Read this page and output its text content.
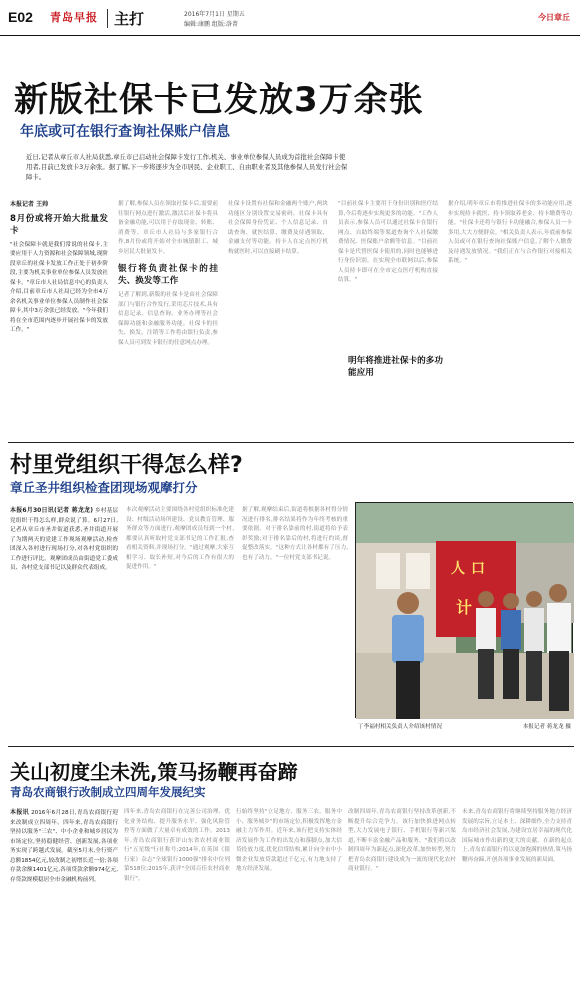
E02 青岛早报 主打	2016年7月1日 星期五
编辑:康鹏 组版:洛菁
今日章丘
新版社保卡已发放3万余张
年底或可在银行查询社保账户信息
近日,记者从章丘市人社局获悉,章丘市已启动社会保障卡发行工作,机关、事业单位参保人员成为首批社会保障卡使用者,目前已发放卡3万余张。据了解,下一步将逐步为全市居民、企业职工、自由职业者及其他参保人员发行社会保障卡。
本报记者 王帅
8月份或将开始大批量发卡
"社会保障卡就是我们常说的社保卡,主要应用于人力资源和社会保障领域,现阶段章丘的社保卡发放工作正处于初步阶段,主要为机关事业单位参保人员发放社保卡。"章丘市人社局信息中心的负责人介绍,目前章丘市人社局已经为全市4万余名机关事业单位参保人员制作社会保障卡,其中3万余张已经发放。"今年我们将在全市范围内逐步开展社保卡的发放工作。"
据了解,参保人员在领取社保卡后,需要前往银行网点进行激活,激活后社保卡将具备金融功能,可以用于存取现金、转账、消费等。章丘市人社局与多家银行合作,8月份或将开始对全市城镇职工、城乡居民大批量发卡。
银行将负责社保卡的挂失、换发等工作
记者了解到,新版的社保卡是由社会保障部门与银行合作发行,采用芯片技术,具有信息记录、信息查询、业务办理等社会保障功能和金融服务功能。社保卡的挂失、换发、注销等工作将由银行负责,参保人员可到发卡银行的任意网点办理。
社保卡设置有社保和金融两个账户,两块功能区分别设置交易密码。社保卡具有社会保障身份凭证、个人信息记录、自助查询、就医结算、缴费及待遇领取、金融支付等功能。持卡人在定点医疗机构就医时,可以直接刷卡结算。
"目前社保卡主要用于身份识别和医疗结算,今后将逐步实现更多的功能。"工作人员表示,参保人员可以通过社保卡在银行网点、自助终端等渠道查询个人社保缴费情况、医保账户余额等信息。"目前社保卡是代替医保卡使用的,同时也能够进行身份识别。在实现全市联网以后,参保人员持卡即可在全市定点医疗机构直接结算。"
明年将推进社保卡的多功能应用
据介绍,明年章丘市将推进社保卡的多功能应用,逐步实现持卡就医、持卡领取养老金、持卡缴费等功能。"社保卡还将与银行卡功能融合,参保人员一卡多用,大大方便群众。"相关负责人表示,年底前参保人员或可在银行查询社保账户信息,了解个人缴费及待遇发放情况。"我们正在与合作银行对接相关系统。"
村里党组织干得怎么样?
章丘圣井组织检查团现场观摩打分
本报6月30日讯(记者 蒋龙龙) 乡村基层党组织干得怎么样,群众说了算。6月27日,记者从章丘市圣井街道获悉,圣井街道开展了为期两天的党建工作现场观摩活动,检查团深入各村进行现场打分,对各村党组织的工作进行评比。观摩团成员由街道党工委成员、各村党支部书记以及群众代表组成。
本次观摩活动主要围绕各村党组织标准化建设、村级活动场所建设、党员教育管理、服务群众等方面进行,观摩团成员每到一个村,都要认真听取村党支部书记的工作汇报,查看相关资料,并现场打分。"通过观摩,大家互相学习、取长补短,对今后的工作有很大的促进作用。"
据了解,观摩结束后,街道将根据各村得分情况进行排名,排名结果将作为年终考核的重要依据。对于排名靠前的村,街道将给予表彰奖励;对于排名靠后的村,将进行约谈,督促整改落实。"这种方式让各村都有了压力,也有了动力。"一位村党支部书记说。
人 口
计
丁李福村相关负责人介绍该村情况	本报记者 蒋龙龙 摄
关山初度尘未洗,策马扬鞭再奋蹄
青岛农商银行改制成立四周年发展纪实
本报讯 2016年6月28日,青岛农商银行迎来改制成立四周年。四年来,青岛农商银行坚持以服务"三农"、中小企业和城乡居民为市场定位,坚持稳健经营、创新发展,各项业务实现了跨越式发展。截至5月末,全行资产总额1854亿元,较改制之初增长近一倍;各项存款余额1401亿元,各项贷款余额974亿元,存贷款规模稳居全市金融机构前列。
四年来,青岛农商银行在完善公司治理、优化业务结构、提升服务水平、强化风险管控等方面做了大量卓有成效的工作。2013年,青岛农商银行获评山东省农村商业银行"五星级"行社称号;2014年,在英国《银行家》杂志"全球银行1000强"排名中位列第518位;2015年,获评"全国百佳农村商业银行"。
行始终坚持"立足地方、服务三农、服务中小、服务城乡"的市场定位,积极发挥地方金融主力军作用。近年来,该行把支持实体经济发展作为工作的出发点和落脚点,加大信贷投放力度,优化信贷结构,累计向全市中小微企业发放贷款超过千亿元,有力地支持了地方经济发展。
改制四周年,青岛农商银行坚持改革创新,不断提升综合竞争力。该行加快推进网点转型,大力发展电子银行、手机银行等新兴渠道,不断丰富金融产品和服务。"我们将以改制四周年为新起点,深化改革,加快转型,努力把青岛农商银行建设成为一流的现代化农村商业银行。"
未来,青岛农商银行将继续坚持服务地方经济发展的宗旨,立足本土、深耕细作,全力支持青岛市经济社会发展,为建设宜居幸福的现代化国际城市作出新的更大的贡献。在新的起点上,青岛农商银行将以更加饱满的热情,策马扬鞭再奋蹄,开创各项事业发展的新局面。
